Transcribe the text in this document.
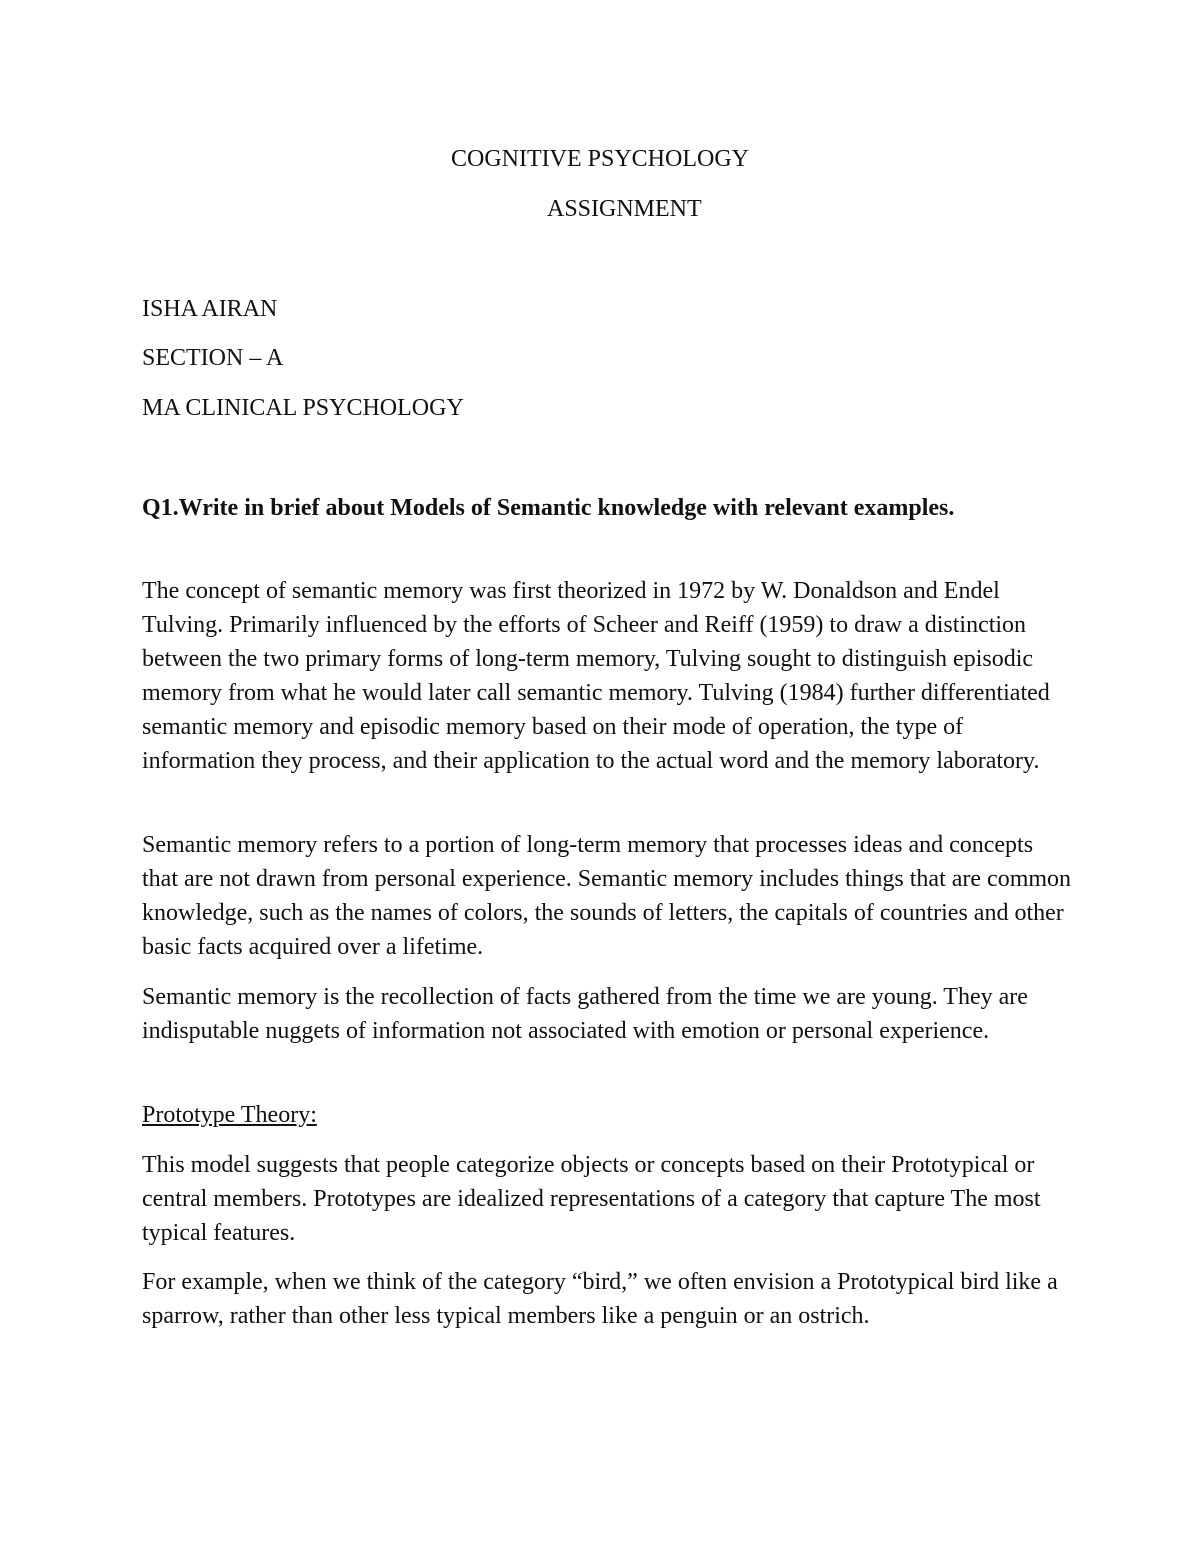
COGNITIVE PSYCHOLOGY

ASSIGNMENT

ISHA AIRAN

SECTION – A

MA CLINICAL PSYCHOLOGY

Q1.Write in brief about Models of Semantic knowledge with relevant examples.

The concept of semantic memory was first theorized in 1972 by W. Donaldson and Endel Tulving. Primarily influenced by the efforts of Scheer and Reiff (1959) to draw a distinction between the two primary forms of long-term memory, Tulving sought to distinguish episodic memory from what he would later call semantic memory. Tulving (1984) further differentiated semantic memory and episodic memory based on their mode of operation, the type of information they process, and their application to the actual word and the memory laboratory.

Semantic memory refers to a portion of long-term memory that processes ideas and concepts that are not drawn from personal experience. Semantic memory includes things that are common knowledge, such as the names of colors, the sounds of letters, the capitals of countries and other basic facts acquired over a lifetime.

Semantic memory is the recollection of facts gathered from the time we are young. They are indisputable nuggets of information not associated with emotion or personal experience.

Prototype Theory:

This model suggests that people categorize objects or concepts based on their Prototypical or central members. Prototypes are idealized representations of a category that capture The most typical features.

For example, when we think of the category “bird,” we often envision a Prototypical bird like a sparrow, rather than other less typical members like a penguin or an ostrich.
